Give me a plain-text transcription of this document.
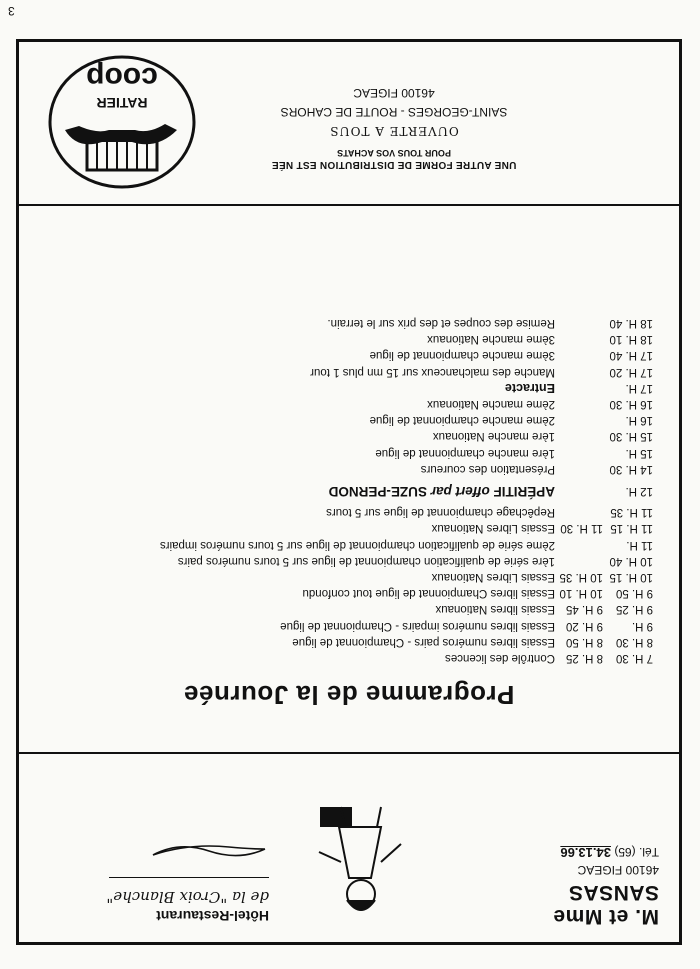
M. et Mme SANSAS
46100 FIGEAC
Tél. (65) 34.13.66
Hôtel-Restaurant
de la "Croix Blanche"
Programme de la Journée
7 H. 30
8 H. 25
Contrôle des licences
8 H. 30
8 H. 50
Essais libres numéros pairs - Championnat de ligue
9 H.
9 H. 20
Essais libres numéros impairs - Championnat de ligue
9 H. 25
9 H. 45
Essais libres Nationaux
9 H. 50
10 H. 10
Essais libres Championnat de ligue tout confondu
10 H. 15
10 H. 35
Essais Libres Nationaux
10 H. 40
1ère série de qualification championnat de ligue sur 5 tours numéros pairs
11 H.
2ème série de qualification championnat de ligue sur 5 tours numéros impairs
11 H. 15
11 H. 30
Essais Libres Nationaux
11 H. 35
Repêchage championnat de ligue sur 5 tours
12 H.
APÉRITIF offert par SUZE-PERNOD
14 H. 30
Présentation des coureurs
15 H.
1ère manche championnat de ligue
15 H. 30
1ère manche Nationaux
16 H.
2ème manche championnat de ligue
16 H. 30
2ème manche Nationaux
17 H.
Entracte
17 H. 20
Manche des malchanceux sur 15 mn plus 1 tour
17 H. 40
3ème manche championnat de ligue
18 H. 10
3ème manche Nationaux
18 H. 40
Remise des coupes et des prix sur le terrain.
UNE AUTRE FORME DE DISTRIBUTION EST NÉE
POUR TOUS VOS ACHATS
OUVERTE A TOUS
SAINT-GEORGES - ROUTE DE CAHORS
46100 FIGEAC
RATIER
coop
3
